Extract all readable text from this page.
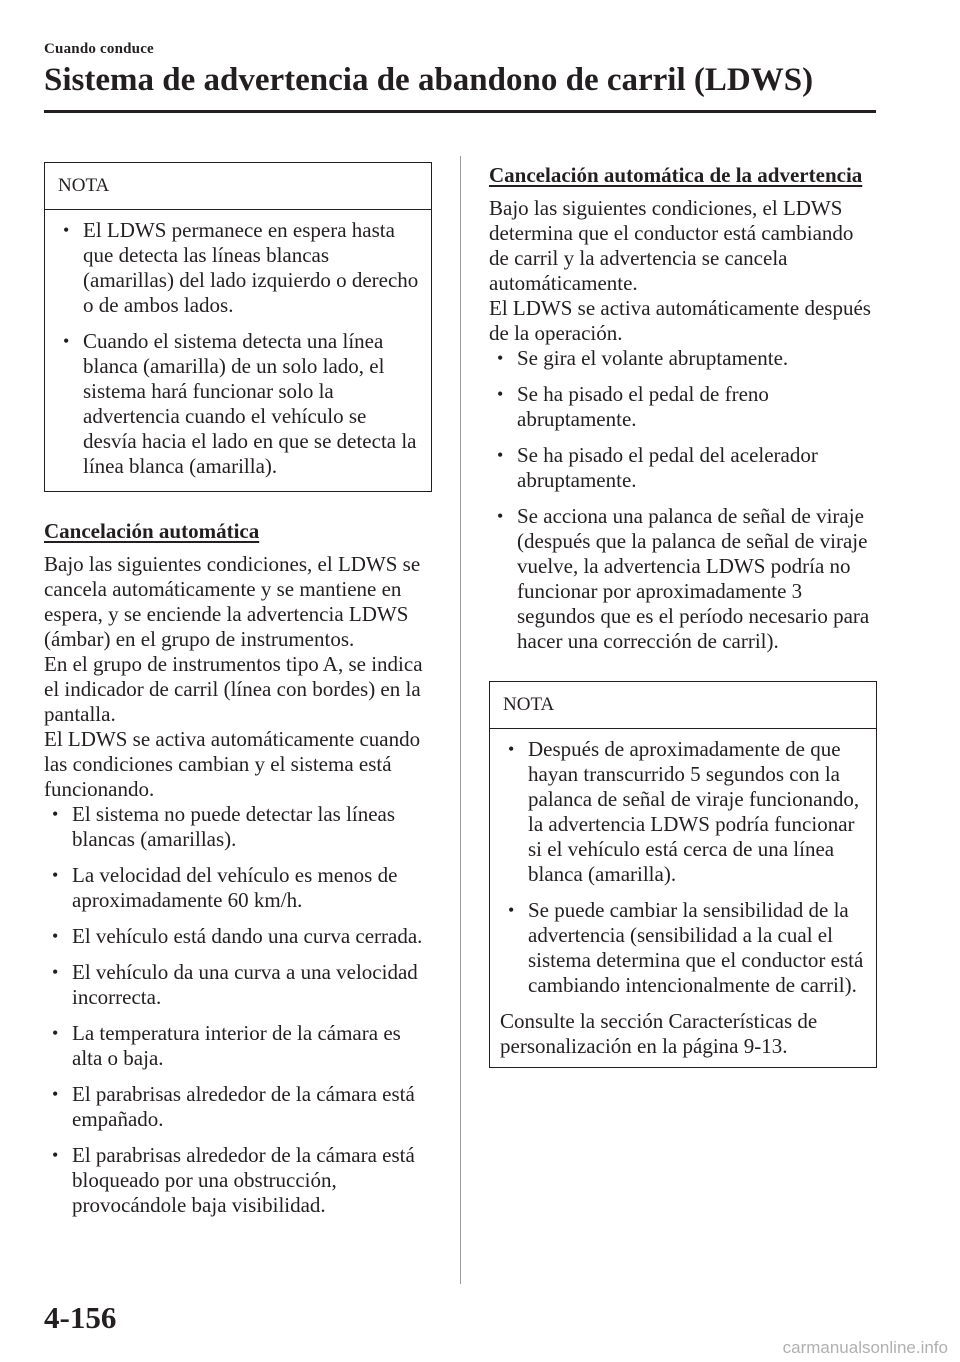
Cuando conduce
Sistema de advertencia de abandono de carril (LDWS)
NOTA
• El LDWS permanece en espera hasta que detecta las líneas blancas (amarillas) del lado izquierdo o derecho o de ambos lados.
• Cuando el sistema detecta una línea blanca (amarilla) de un solo lado, el sistema hará funcionar solo la advertencia cuando el vehículo se desvía hacia el lado en que se detecta la línea blanca (amarilla).
Cancelación automática
Bajo las siguientes condiciones, el LDWS se cancela automáticamente y se mantiene en espera, y se enciende la advertencia LDWS (ámbar) en el grupo de instrumentos.
En el grupo de instrumentos tipo A, se indica el indicador de carril (línea con bordes) en la pantalla.
El LDWS se activa automáticamente cuando las condiciones cambian y el sistema está funcionando.
• El sistema no puede detectar las líneas blancas (amarillas).
• La velocidad del vehículo es menos de aproximadamente 60 km/h.
• El vehículo está dando una curva cerrada.
• El vehículo da una curva a una velocidad incorrecta.
• La temperatura interior de la cámara es alta o baja.
• El parabrisas alrededor de la cámara está empañado.
• El parabrisas alrededor de la cámara está bloqueado por una obstrucción, provocándole baja visibilidad.
Cancelación automática de la advertencia
Bajo las siguientes condiciones, el LDWS determina que el conductor está cambiando de carril y la advertencia se cancela automáticamente.
El LDWS se activa automáticamente después de la operación.
• Se gira el volante abruptamente.
• Se ha pisado el pedal de freno abruptamente.
• Se ha pisado el pedal del acelerador abruptamente.
• Se acciona una palanca de señal de viraje (después que la palanca de señal de viraje vuelve, la advertencia LDWS podría no funcionar por aproximadamente 3 segundos que es el período necesario para hacer una corrección de carril).
NOTA
• Después de aproximadamente de que hayan transcurrido 5 segundos con la palanca de señal de viraje funcionando, la advertencia LDWS podría funcionar si el vehículo está cerca de una línea blanca (amarilla).
• Se puede cambiar la sensibilidad de la advertencia (sensibilidad a la cual el sistema determina que el conductor está cambiando intencionalmente de carril).

Consulte la sección Características de personalización en la página 9-13.

4-156
carmanualsonline.info
